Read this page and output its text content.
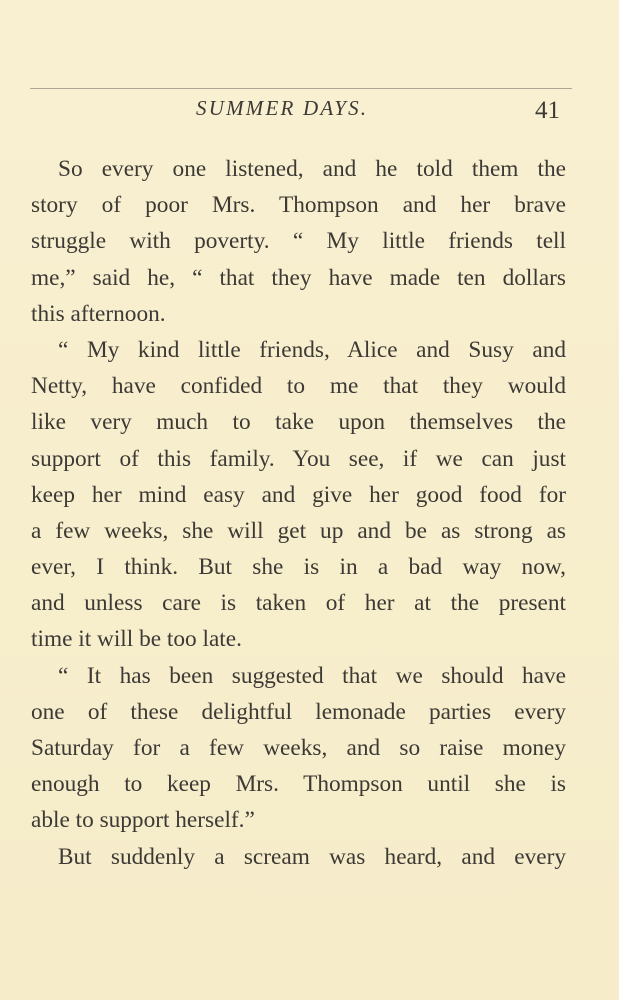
SUMMER DAYS.	41
So every one listened, and he told them the
story of poor Mrs. Thompson and her brave
struggle with poverty. “ My little friends tell
me,” said he, “ that they have made ten dollars
this afternoon.
“ My kind little friends, Alice and Susy and
Netty, have confided to me that they would
like very much to take upon themselves the
support of this family. You see, if we can just
keep her mind easy and give her good food for
a few weeks, she will get up and be as strong as
ever, I think. But she is in a bad way now,
and unless care is taken of her at the present
time it will be too late.
“ It has been suggested that we should have
one of these delightful lemonade parties every
Saturday for a few weeks, and so raise money
enough to keep Mrs. Thompson until she is
able to support herself.”
But suddenly a scream was heard, and every
